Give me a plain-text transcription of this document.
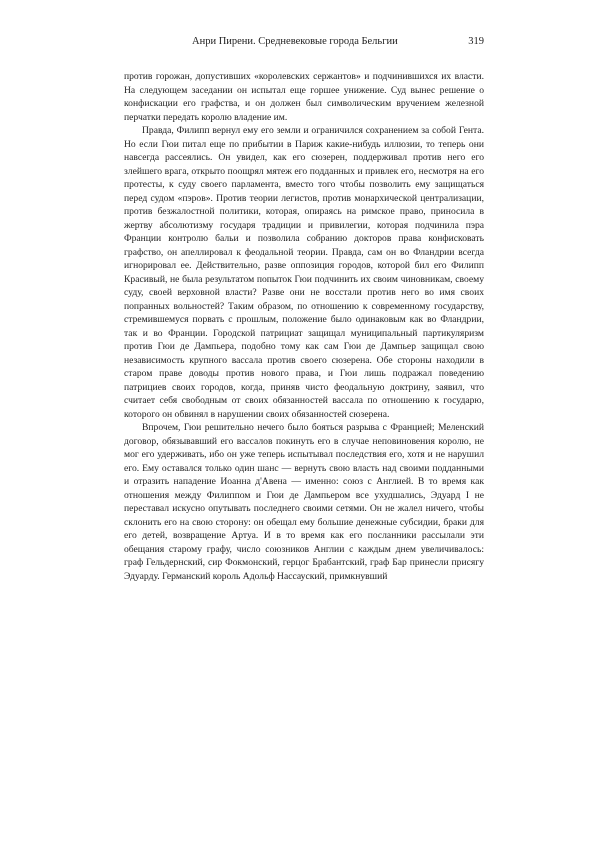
Анри Пирени. Средневековые города Бельгии	319

против горожан, допустивших «королевских сержантов» и подчинившихся их власти. На следующем заседании он испытал еще горшее унижение. Суд вынес решение о конфискации его графства, и он должен был символическим вручением железной перчатки передать королю владение им.

Правда, Филипп вернул ему его земли и ограничился сохранением за собой Гента. Но если Гюи питал еще по прибытии в Париж какие-нибудь иллюзии, то теперь они навсегда рассеялись. Он увидел, как его сюзерен, поддерживал против него его злейшего врага, открыто поощрял мятеж его подданных и привлек его, несмотря на его протесты, к суду своего парламента, вместо того чтобы позволить ему защищаться перед судом «пэров». Против теории легистов, против монархической централизации, против безжалостной политики, которая, опираясь на римское право, приносила в жертву абсолютизму государя традиции и привилегии, которая подчинила пэра Франции контролю бальи и позволила собранию докторов права конфисковать графство, он апеллировал к феодальной теории. Правда, сам он во Фландрии всегда игнорировал ее. Действительно, разве оппозиция городов, которой бил его Филипп Красивый, не была результатом попыток Гюи подчинить их своим чиновникам, своему суду, своей верховной власти? Разве они не восстали против него во имя своих попранных вольностей? Таким образом, по отношению к современному государству, стремившемуся порвать с прошлым, положение было одинаковым как во Фландрии, так и во Франции. Городской патрициат защищал муниципальный партикуляризм против Гюи де Дампьера, подобно тому как сам Гюи де Дампьер защищал свою независимость крупного вассала против своего сюзерена. Обе стороны находили в старом праве доводы против нового права, и Гюи лишь подражал поведению патрициев своих городов, когда, приняв чисто феодальную доктрину, заявил, что считает себя свободным от своих обязанностей вассала по отношению к государю, которого он обвинял в нарушении своих обязанностей сюзерена.

Впрочем, Гюи решительно нечего было бояться разрыва с Францией; Меленский договор, обязывавший его вассалов покинуть его в случае неповиновения королю, не мог его удерживать, ибо он уже теперь испытывал последствия его, хотя и не нарушил его. Ему оставался только один шанс — вернуть свою власть над своими подданными и отразить нападение Иоанна д'Авена — именно: союз с Англией. В то время как отношения между Филиппом и Гюи де Дампьером все ухудшались, Эдуард I не переставал искусно опутывать последнего своими сетями. Он не жалел ничего, чтобы склонить его на свою сторону: он обещал ему большие денежные субсидии, браки для его детей, возвращение Артуа. И в то время как его посланники рассылали эти обещания старому графу, число союзников Англии с каждым днем увеличивалось: граф Гельдернский, сир Фокмонский, герцог Брабантский, граф Бар принесли присягу Эдуарду. Германский король Адольф Нассауский, примкнувший
